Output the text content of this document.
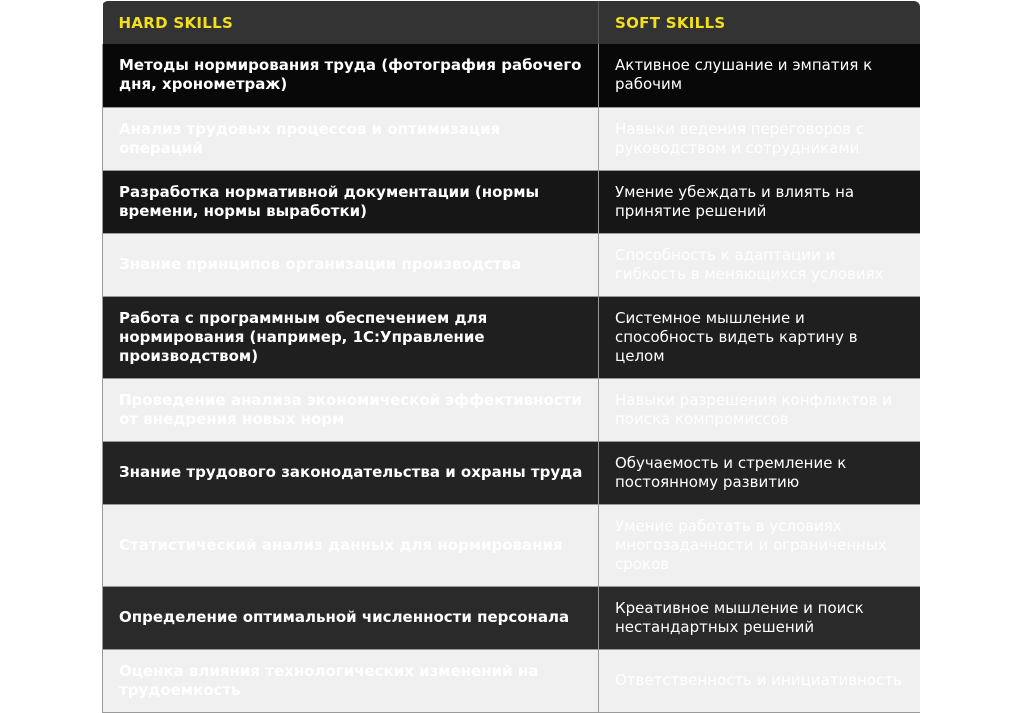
HARD SKILLS	SOFT SKILLS
Методы нормирования труда (фотография рабочего дня, хронометраж)	Активное слушание и эмпатия к рабочим
Анализ трудовых процессов и оптимизация операций	Навыки ведения переговоров с руководством и сотрудниками
Разработка нормативной документации (нормы времени, нормы выработки)	Умение убеждать и влиять на принятие решений
Знание принципов организации производства	Способность к адаптации и гибкость в меняющихся условиях
Работа с программным обеспечением для нормирования (например, 1С:Управление производством)	Системное мышление и способность видеть картину в целом
Проведение анализа экономической эффективности от внедрения новых норм	Навыки разрешения конфликтов и поиска компромиссов
Знание трудового законодательства и охраны труда	Обучаемость и стремление к постоянному развитию
Статистический анализ данных для нормирования	Умение работать в условиях многозадачности и ограниченных сроков
Определение оптимальной численности персонала	Креативное мышление и поиск нестандартных решений
Оценка влияния технологических изменений на трудоемкость	Ответственность и инициативность
